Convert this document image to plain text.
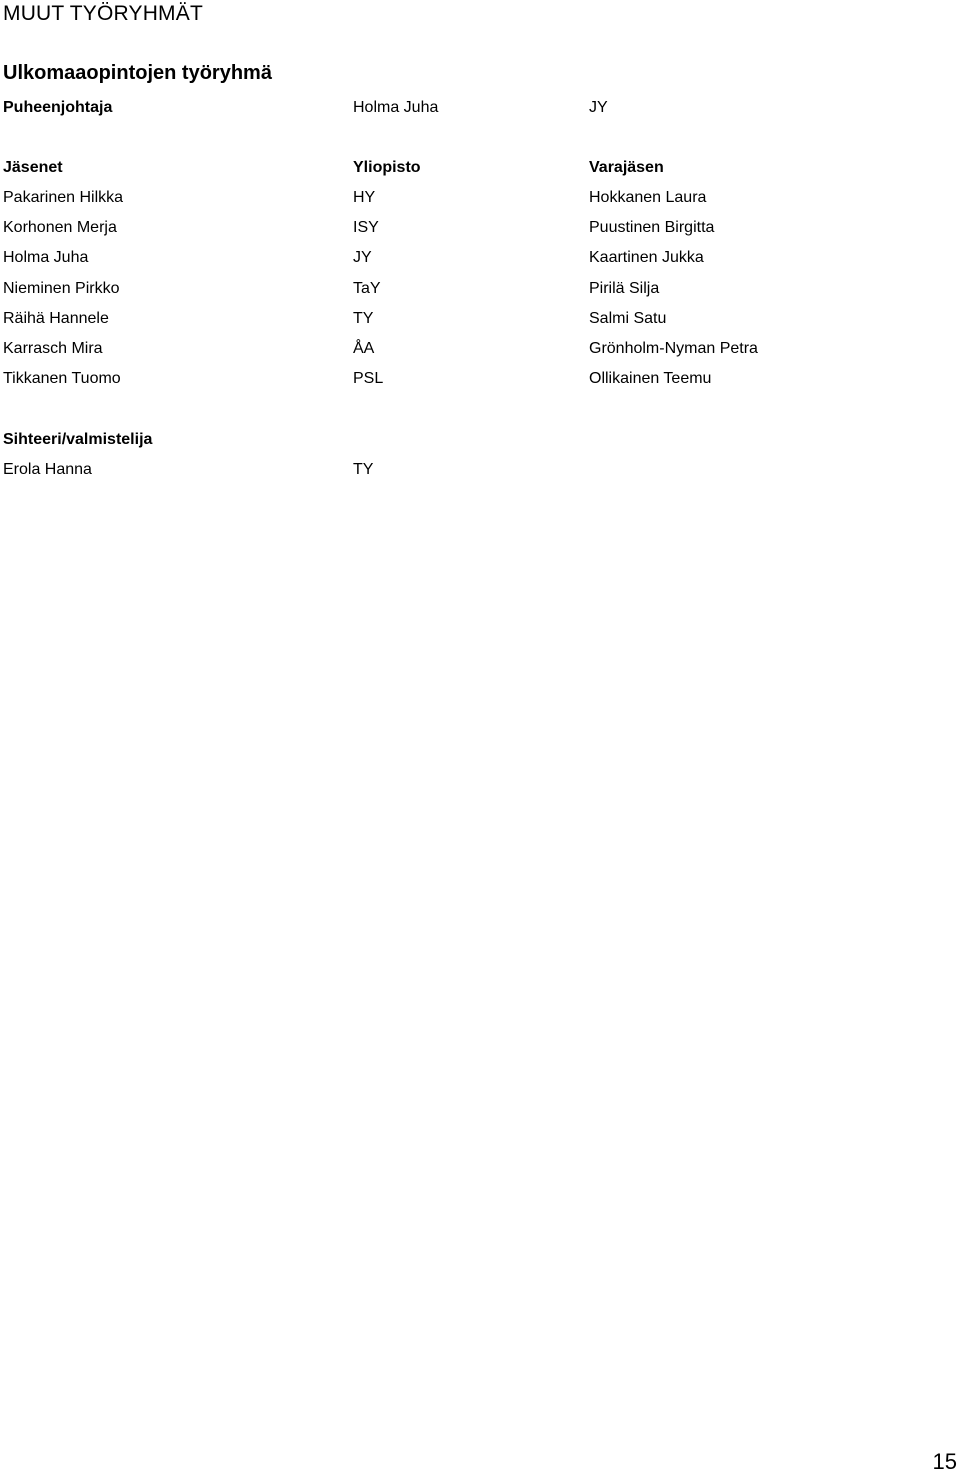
MUUT TYÖRYHMÄT
Ulkomaaopintojen työryhmä
Puheenjohtaja	Holma Juha	JY
Jäsenet	Yliopisto	Varajäsen
Pakarinen Hilkka	HY	Hokkanen Laura
Korhonen Merja	ISY	Puustinen Birgitta
Holma Juha	JY	Kaartinen Jukka
Nieminen Pirkko	TaY	Pirilä Silja
Räihä Hannele	TY	Salmi Satu
Karrasch Mira	ÅA	Grönholm-Nyman Petra
Tikkanen Tuomo	PSL	Ollikainen Teemu
Sihteeri/valmistelija
Erola Hanna	TY
15
